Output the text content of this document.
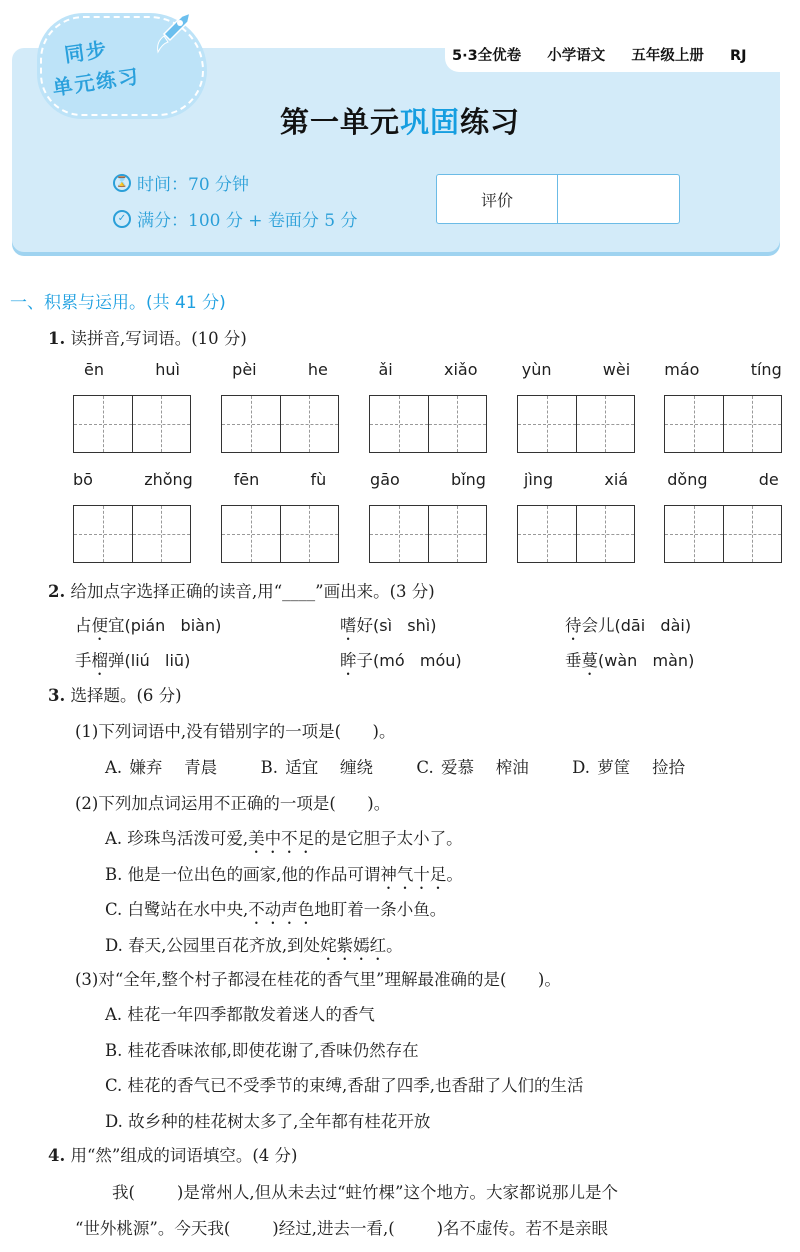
5·3全优卷  小学语文  五年级上册  RJ
同步
单元练习
第一单元巩固练习
⌛ 时间：70 分钟
✓ 满分：100 分 + 卷面分 5 分
评价
一、积累与运用。(共 41 分)
1. 读拼音,写词语。(10 分)
ēn   huì	pèi   he	ǎi   xiǎo	yùn   wèi	máo   tíng
bō   zhǒng	fēn   fù	gāo   bǐng	jìng   xiá	dǒng   de
2. 给加点字选择正确的读音,用“____”画出来。(3 分)
占便宜(pián   biàn)	嗜好(sì   shì)	待会儿(dāi   dài)
手榴弹(liú   liū)	眸子(mó   móu)	垂蔓(wàn   màn)
3. 选择题。(6 分)
(1)下列词语中,没有错别字的一项是(      )。
A. 嫌弃   青晨      B. 适宜   缠绕      C. 爱慕   榨油      D. 萝筐   捡拾
(2)下列加点词运用不正确的一项是(      )。
A. 珍珠鸟活泼可爱,美中不足的是它胆子太小了。
B. 他是一位出色的画家,他的作品可谓神气十足。
C. 白鹭站在水中央,不动声色地盯着一条小鱼。
D. 春天,公园里百花齐放,到处姹紫嫣红。
(3)对“全年,整个村子都浸在桂花的香气里”理解最准确的是(      )。
A. 桂花一年四季都散发着迷人的香气
B. 桂花香味浓郁,即使花谢了,香味仍然存在
C. 桂花的香气已不受季节的束缚,香甜了四季,也香甜了人们的生活
D. 故乡种的桂花树太多了,全年都有桂花开放
4. 用“然”组成的词语填空。(4 分)
我(        )是常州人,但从未去过“蛀竹棵”这个地方。大家都说那儿是个
“世外桃源”。今天我(        )经过,进去一看,(        )名不虚传。若不是亲眼
